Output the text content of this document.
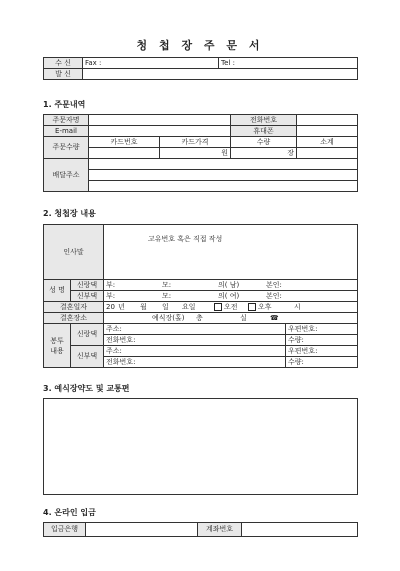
청 첩 장 주 문 서
수 신	Fax :	Tel :
발 신		
1. 주문내역
주문자명			전화번호	
E-mail			휴대폰	
주문수량	카드번호	카드가격	수량	소계
		원	장	
배달주소				

2. 청첩장 내용
인사말		고유번호 혹은 직접 작성	
성 명	신랑댁	부: 모: 의( 남) 본인:	
	신부댁	부: 모: 의( 여) 본인:	
결혼일자		20 년 월 일 요일 오전 오후 시	
결혼장소		예식장(홀) 층 실 ☎	
봉투
내용	신랑댁	주소:	우편번호:
		전화번호:	수량:
	신부댁	주소:	우편번호:
		전화번호:	수량:
3. 예식장약도 및 교통편
4. 온라인 입금
입금은행		계좌번호	
